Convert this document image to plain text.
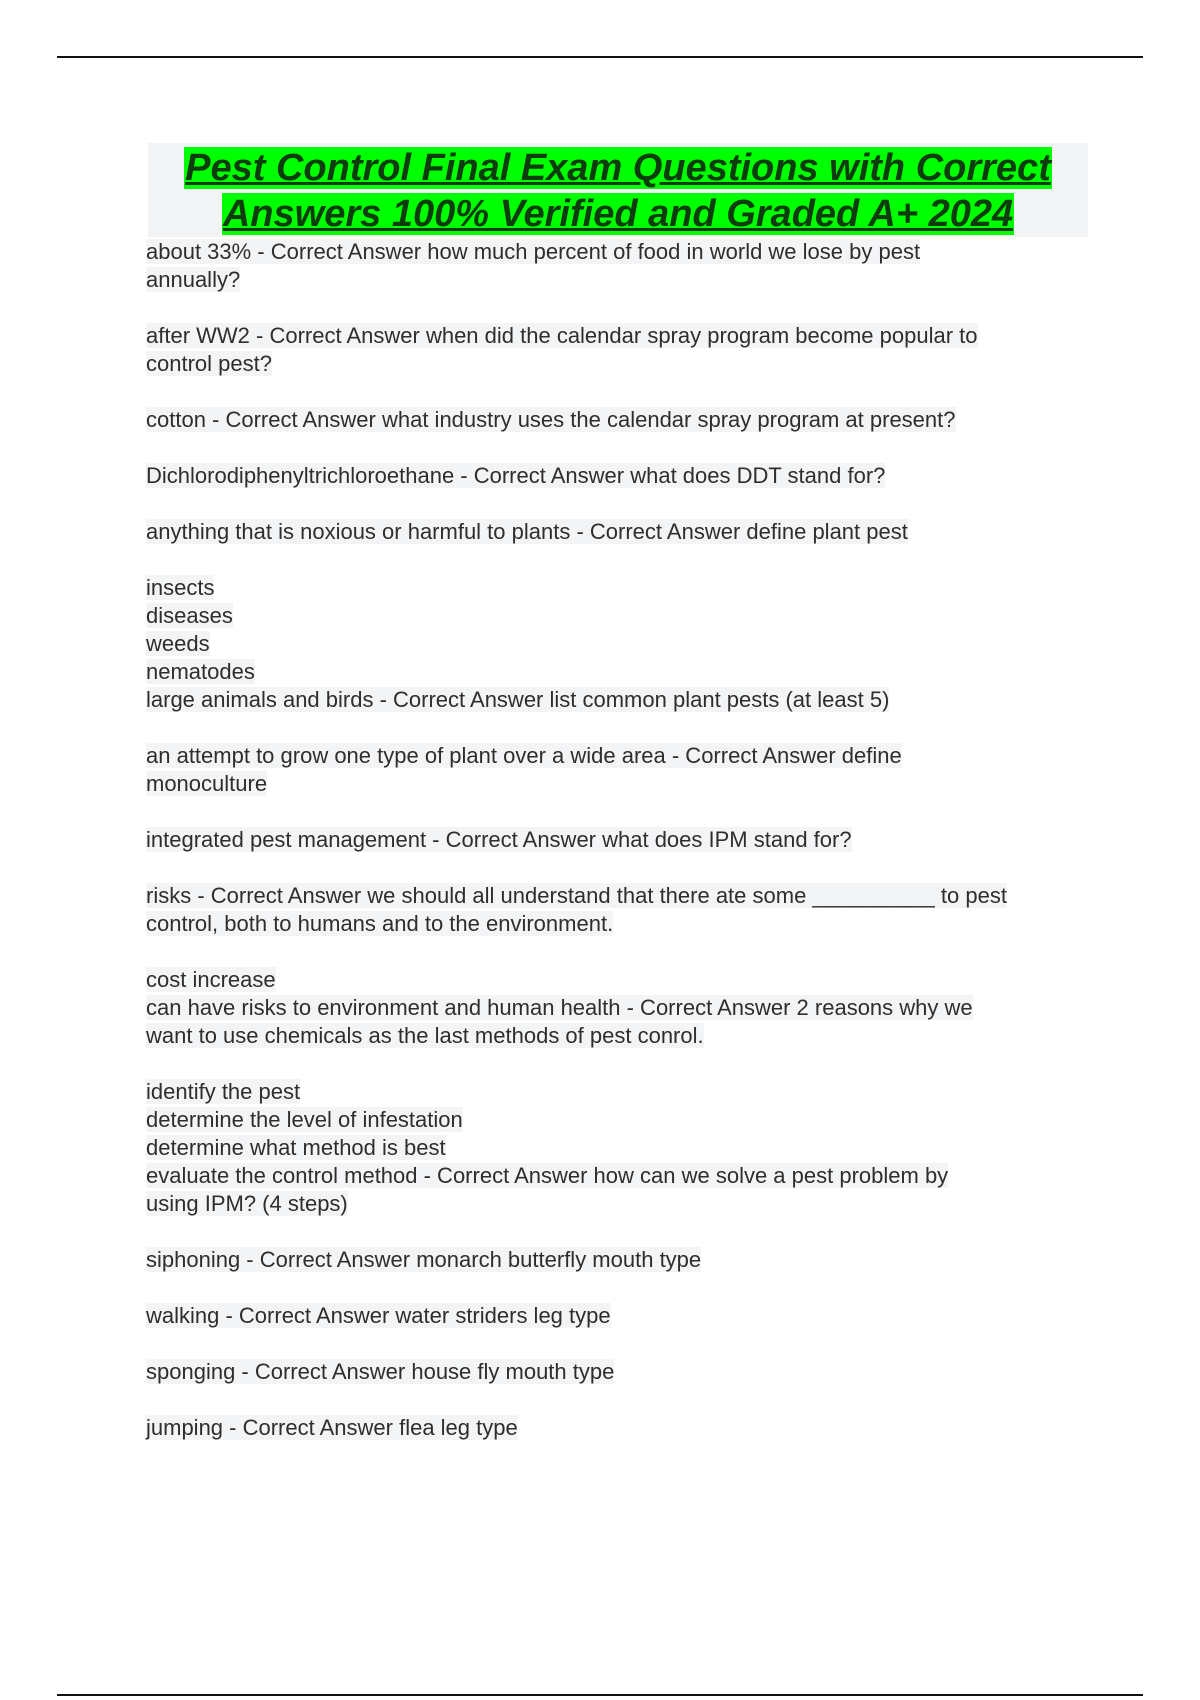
Pest Control Final Exam Questions with Correct
Answers 100% Verified and Graded A+ 2024

about 33% - Correct Answer how much percent of food in world we lose by pest
annually?

after WW2 - Correct Answer when did the calendar spray program become popular to
control pest?

cotton - Correct Answer what industry uses the calendar spray program at present?

Dichlorodiphenyltrichloroethane - Correct Answer what does DDT stand for?

anything that is noxious or harmful to plants - Correct Answer define plant pest

insects
diseases
weeds
nematodes
large animals and birds - Correct Answer list common plant pests (at least 5)

an attempt to grow one type of plant over a wide area - Correct Answer define
monoculture

integrated pest management - Correct Answer what does IPM stand for?

risks - Correct Answer we should all understand that there ate some __________ to pest
control, both to humans and to the environment.

cost increase
can have risks to environment and human health - Correct Answer 2 reasons why we
want to use chemicals as the last methods of pest conrol.

identify the pest
determine the level of infestation
determine what method is best
evaluate the control method - Correct Answer how can we solve a pest problem by
using IPM? (4 steps)

siphoning - Correct Answer monarch butterfly mouth type

walking - Correct Answer water striders leg type

sponging - Correct Answer house fly mouth type

jumping - Correct Answer flea leg type
